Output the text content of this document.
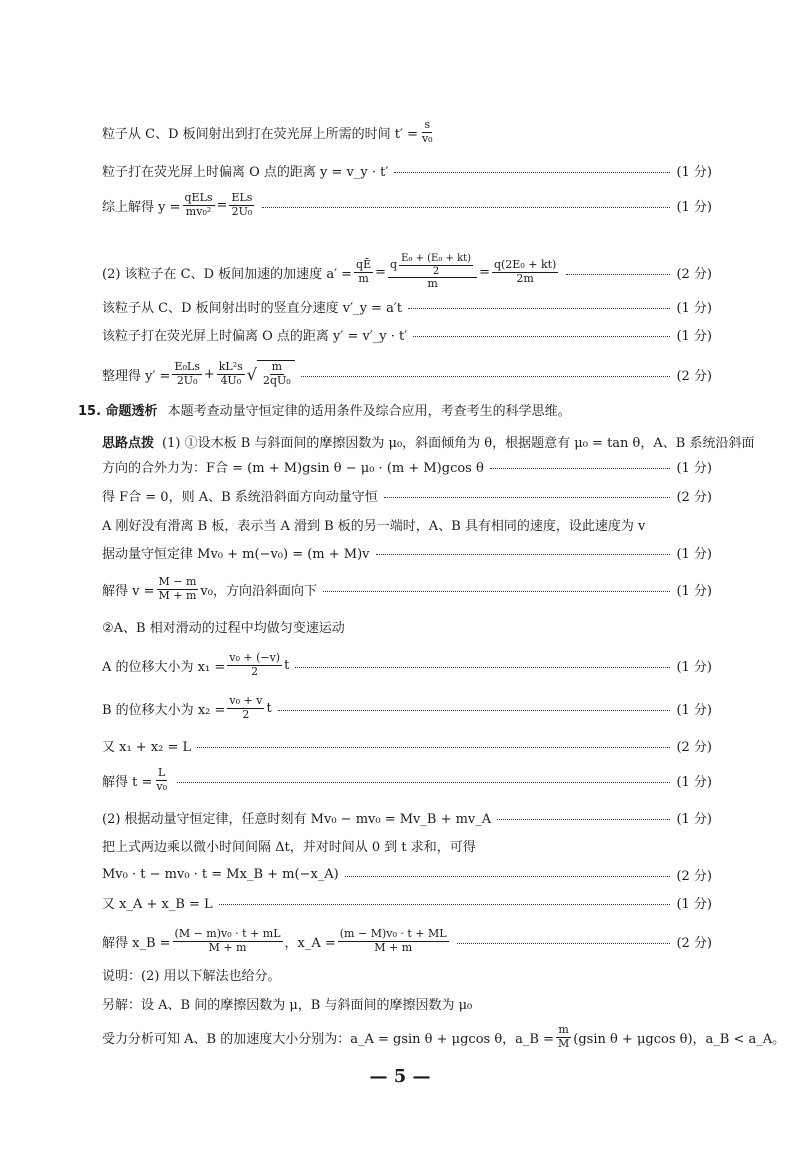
粒子从 C、D 板间射出到打在荧光屏上所需的时间 $t' = \frac{s}{\text{v₀}}$
粒子打在荧光屏上时偏离 O 点的距离 y = v_y · t′	(1 分)
综上解得 $y = \frac{\text{qELs}}{\text{mv₀²}} = \frac{\text{ELs}}{\text{2U₀}}$	(1 分)
(2) 该粒子在 C、D 板间加速的加速度 $a' = \frac{qĒ}{m} = \frac{q \frac{\text{E₀ + (E₀ + kt)}}{2}}{m} = \frac{\text{q(2E₀ + kt)}}{2m}$	(2 分)
该粒子从 C、D 板间射出时的竖直分速度 v′_y = a′t	(1 分)
该粒子打在荧光屏上时偏离 O 点的距离 y′ = v′_y · t′	(1 分)
整理得 $y' = \frac{\text{E₀Ls}}{\text{2U₀}} + \frac{\text{kL²s}}{\text{4U₀}}$ √ $\frac{m}{\text{2qU₀}}$	(2 分)
15. 命题透析 本题考查动量守恒定律的适用条件及综合应用，考查考生的科学思维。
思路点拨 (1) ①设木板 B 与斜面间的摩擦因数为 μ₀，斜面倾角为 θ，根据题意有 μ₀ = tan θ，A、B 系统沿斜面
方向的合外力为：F合 = (m + M)gsin θ − μ₀ · (m + M)gcos θ	(1 分)
得 F合 = 0，则 A、B 系统沿斜面方向动量守恒	(2 分)
A 刚好没有滑离 B 板，表示当 A 滑到 B 板的另一端时，A、B 具有相同的速度，设此速度为 v
据动量守恒定律 Mv₀ + m(−v₀) = (m + M)v	(1 分)
解得 $v = \frac{M - m}{M + m} v_0$，方向沿斜面向下	(1 分)
②A、B 相对滑动的过程中均做匀变速运动
A 的位移大小为 $x_1 = \frac{\text{v₀ + (−v)}}{2}$ t	(1 分)
B 的位移大小为 $x_2 = \frac{\text{v₀ + v}}{2}$ t	(1 分)
又 x₁ + x₂ = L	(2 分)
解得 $t = \frac{L}{\text{v₀}}$	(1 分)
(2) 根据动量守恒定律，任意时刻有 Mv₀ − mv₀ = Mv_B + mv_A	(1 分)
把上式两边乘以微小时间间隔 Δt，并对时间从 0 到 t 求和，可得
Mv₀ · t − mv₀ · t = Mx_B + m(−x_A)	(2 分)
又 x_A + x_B = L	(1 分)
解得 x_B = $\frac{\text{(M − m)v₀ · t + mL}}{M + m}$ ，x_A = $\frac{\text{(m − M)v₀ · t + ML}}{M + m}$	(2 分)
说明：(2) 用以下解法也给分。
另解：设 A、B 间的摩擦因数为 μ，B 与斜面间的摩擦因数为 μ₀
受力分析可知 A、B 的加速度大小分别为：a_A = gsin θ + μgcos θ，a_B = $\frac{m}{M} (gsin$ θ + μgcos θ)，a_B < a_A。
— 5 —
